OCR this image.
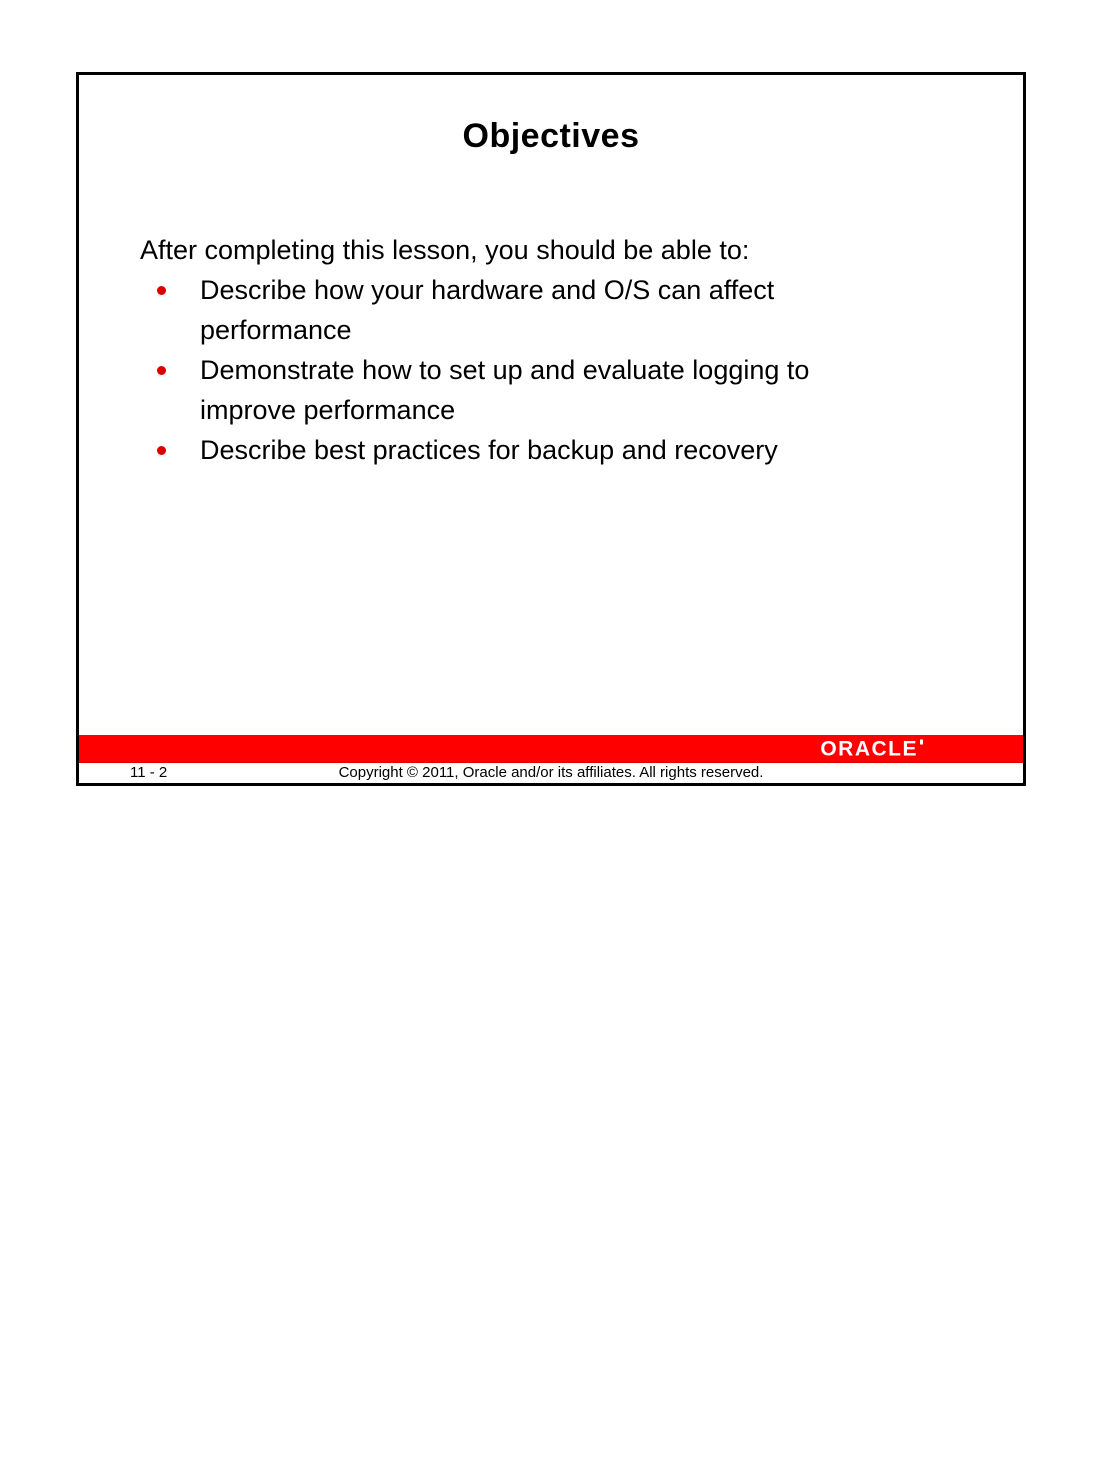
Objectives

After completing this lesson, you should be able to:

Describe how your hardware and O/S can affect performance
Demonstrate how to set up and evaluate logging to improve performance
Describe best practices for backup and recovery
ORACLE
11 - 2	Copyright © 2011, Oracle and/or its affiliates. All rights reserved.
